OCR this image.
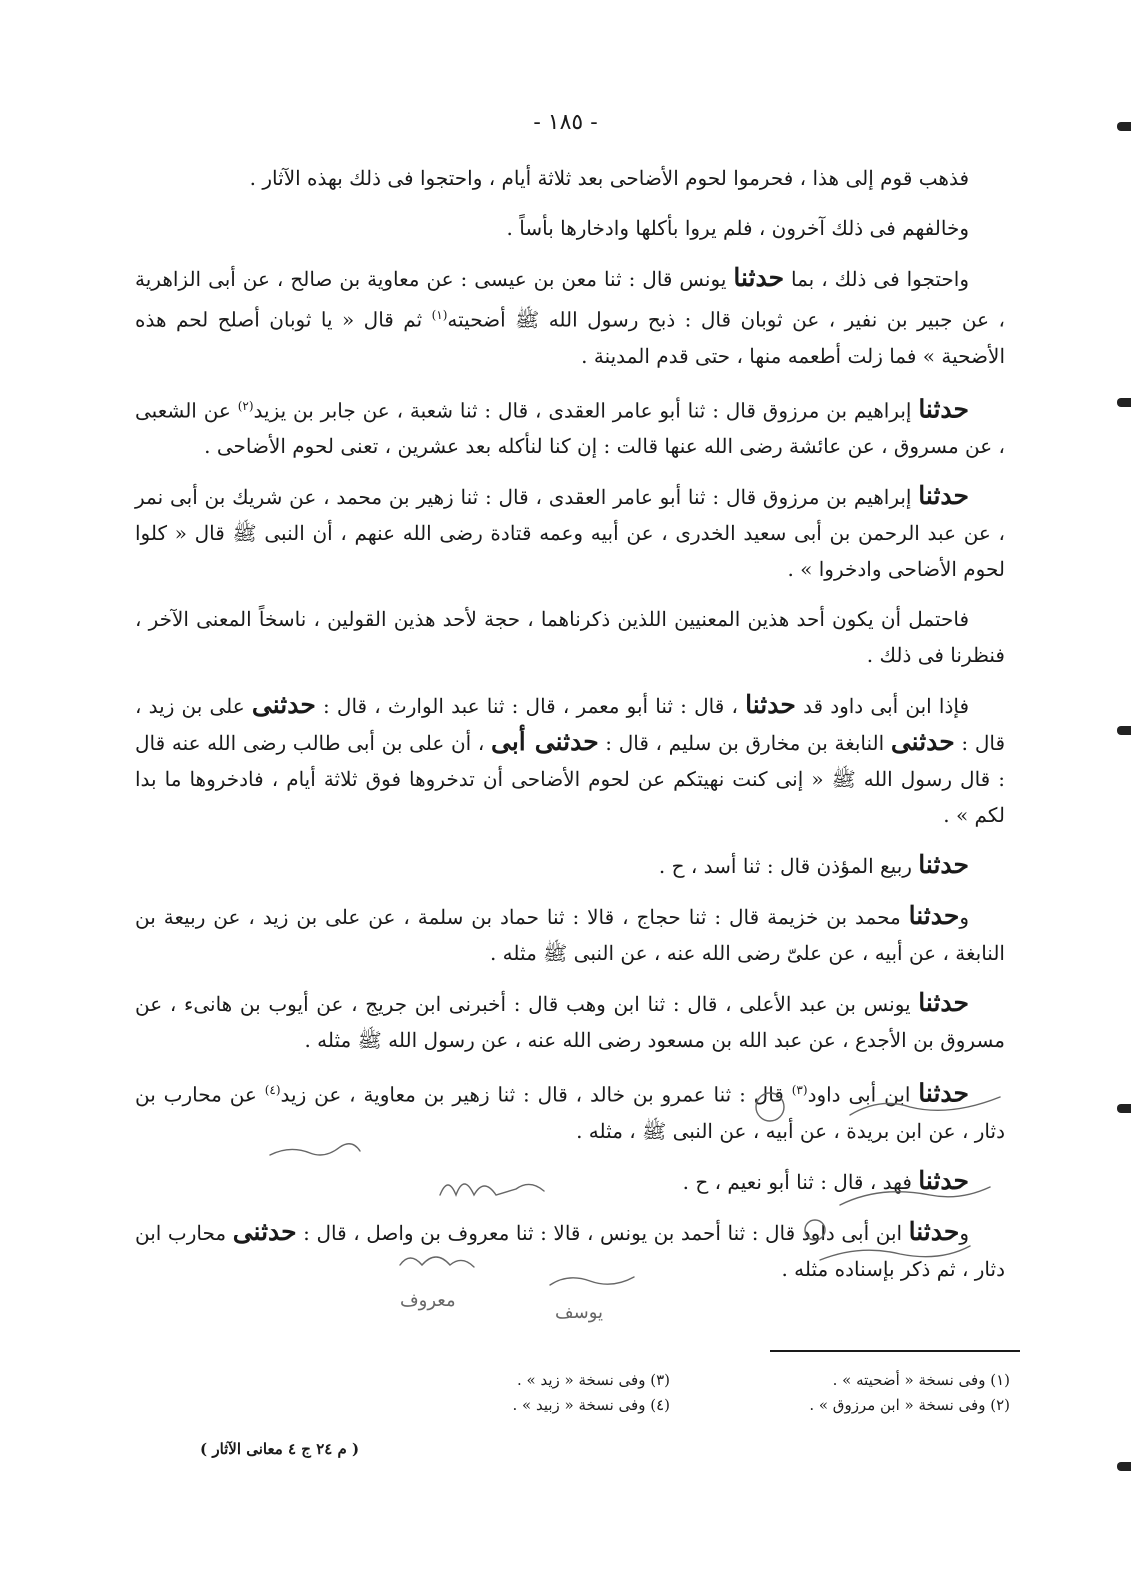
- ١٨٥ -

فذهب قوم إلى هذا ، فحرموا لحوم الأضاحى بعد ثلاثة أيام ، واحتجوا فى ذلك بهذه الآثار .

وخالفهم فى ذلك آخرون ، فلم يروا بأكلها وادخارها بأساً .

واحتجوا فى ذلك ، بما حدثنا يونس قال : ثنا معن بن عيسى : عن معاوية بن صالح ، عن أبى الزاهرية ، عن جبير بن نفير ، عن ثوبان قال : ذبح رسول الله ﷺ أضحيته$^{(١)}$ ثم قال « يا ثوبان أصلح لحم هذه الأضحية » فما زلت أطعمه منها ، حتى قدم المدينة .

حدثنا إبراهيم بن مرزوق قال : ثنا أبو عامر العقدى ، قال : ثنا شعبة ، عن جابر بن يزيد$^{(٢)}$ عن الشعبى ، عن مسروق ، عن عائشة رضى الله عنها قالت : إن كنا لنأكله بعد عشرين ، تعنى لحوم الأضاحى .

حدثنا إبراهيم بن مرزوق قال : ثنا أبو عامر العقدى ، قال : ثنا زهير بن محمد ، عن شريك بن أبى نمر ، عن عبد الرحمن بن أبى سعيد الخدرى ، عن أبيه وعمه قتادة رضى الله عنهم ، أن النبى ﷺ قال « كلوا لحوم الأضاحى وادخروا » .

فاحتمل أن يكون أحد هذين المعنيين اللذين ذكرناهما ، حجة لأحد هذين القولين ، ناسخاً المعنى الآخر ، فنظرنا فى ذلك .

فإذا ابن أبى داود قد حدثنا ، قال : ثنا أبو معمر ، قال : ثنا عبد الوارث ، قال : حدثنى على بن زيد ، قال : حدثنى النابغة بن مخارق بن سليم ، قال : حدثنى أبى ، أن على بن أبى طالب رضى الله عنه قال : قال رسول الله ﷺ « إنى كنت نهيتكم عن لحوم الأضاحى أن تدخروها فوق ثلاثة أيام ، فادخروها ما بدا لكم » .

حدثنا ربيع المؤذن قال : ثنا أسد ، ح .

وحدثنا محمد بن خزيمة قال : ثنا حجاج ، قالا : ثنا حماد بن سلمة ، عن على بن زيد ، عن ربيعة بن النابغة ، عن أبيه ، عن علىّ رضى الله عنه ، عن النبى ﷺ مثله .

حدثنا يونس بن عبد الأعلى ، قال : ثنا ابن وهب قال : أخبرنى ابن جريج ، عن أيوب بن هانىء ، عن مسروق بن الأجدع ، عن عبد الله بن مسعود رضى الله عنه ، عن رسول الله ﷺ مثله .

حدثنا ابن أبى داود$^{(٣)}$ قال : ثنا عمرو بن خالد ، قال : ثنا زهير بن معاوية ، عن زيد$^{(٤)}$ عن محارب بن دثار ، عن ابن بريدة ، عن أبيه ، عن النبى ﷺ ، مثله .

حدثنا فهد ، قال : ثنا أبو نعيم ، ح .

وحدثنا ابن أبى داود قال : ثنا أحمد بن يونس ، قالا : ثنا معروف بن واصل ، قال : حدثنى محارب ابن دثار ، ثم ذكر بإسناده مثله .

(١) وفى نسخة « أضحيته » .
(٢) وفى نسخة « ابن مرزوق » .
(٣) وفى نسخة « زيد » .
(٤) وفى نسخة « زبيد » .
( م ٢٤ ج ٤ معانى الآثار )
معروف
يوسف
